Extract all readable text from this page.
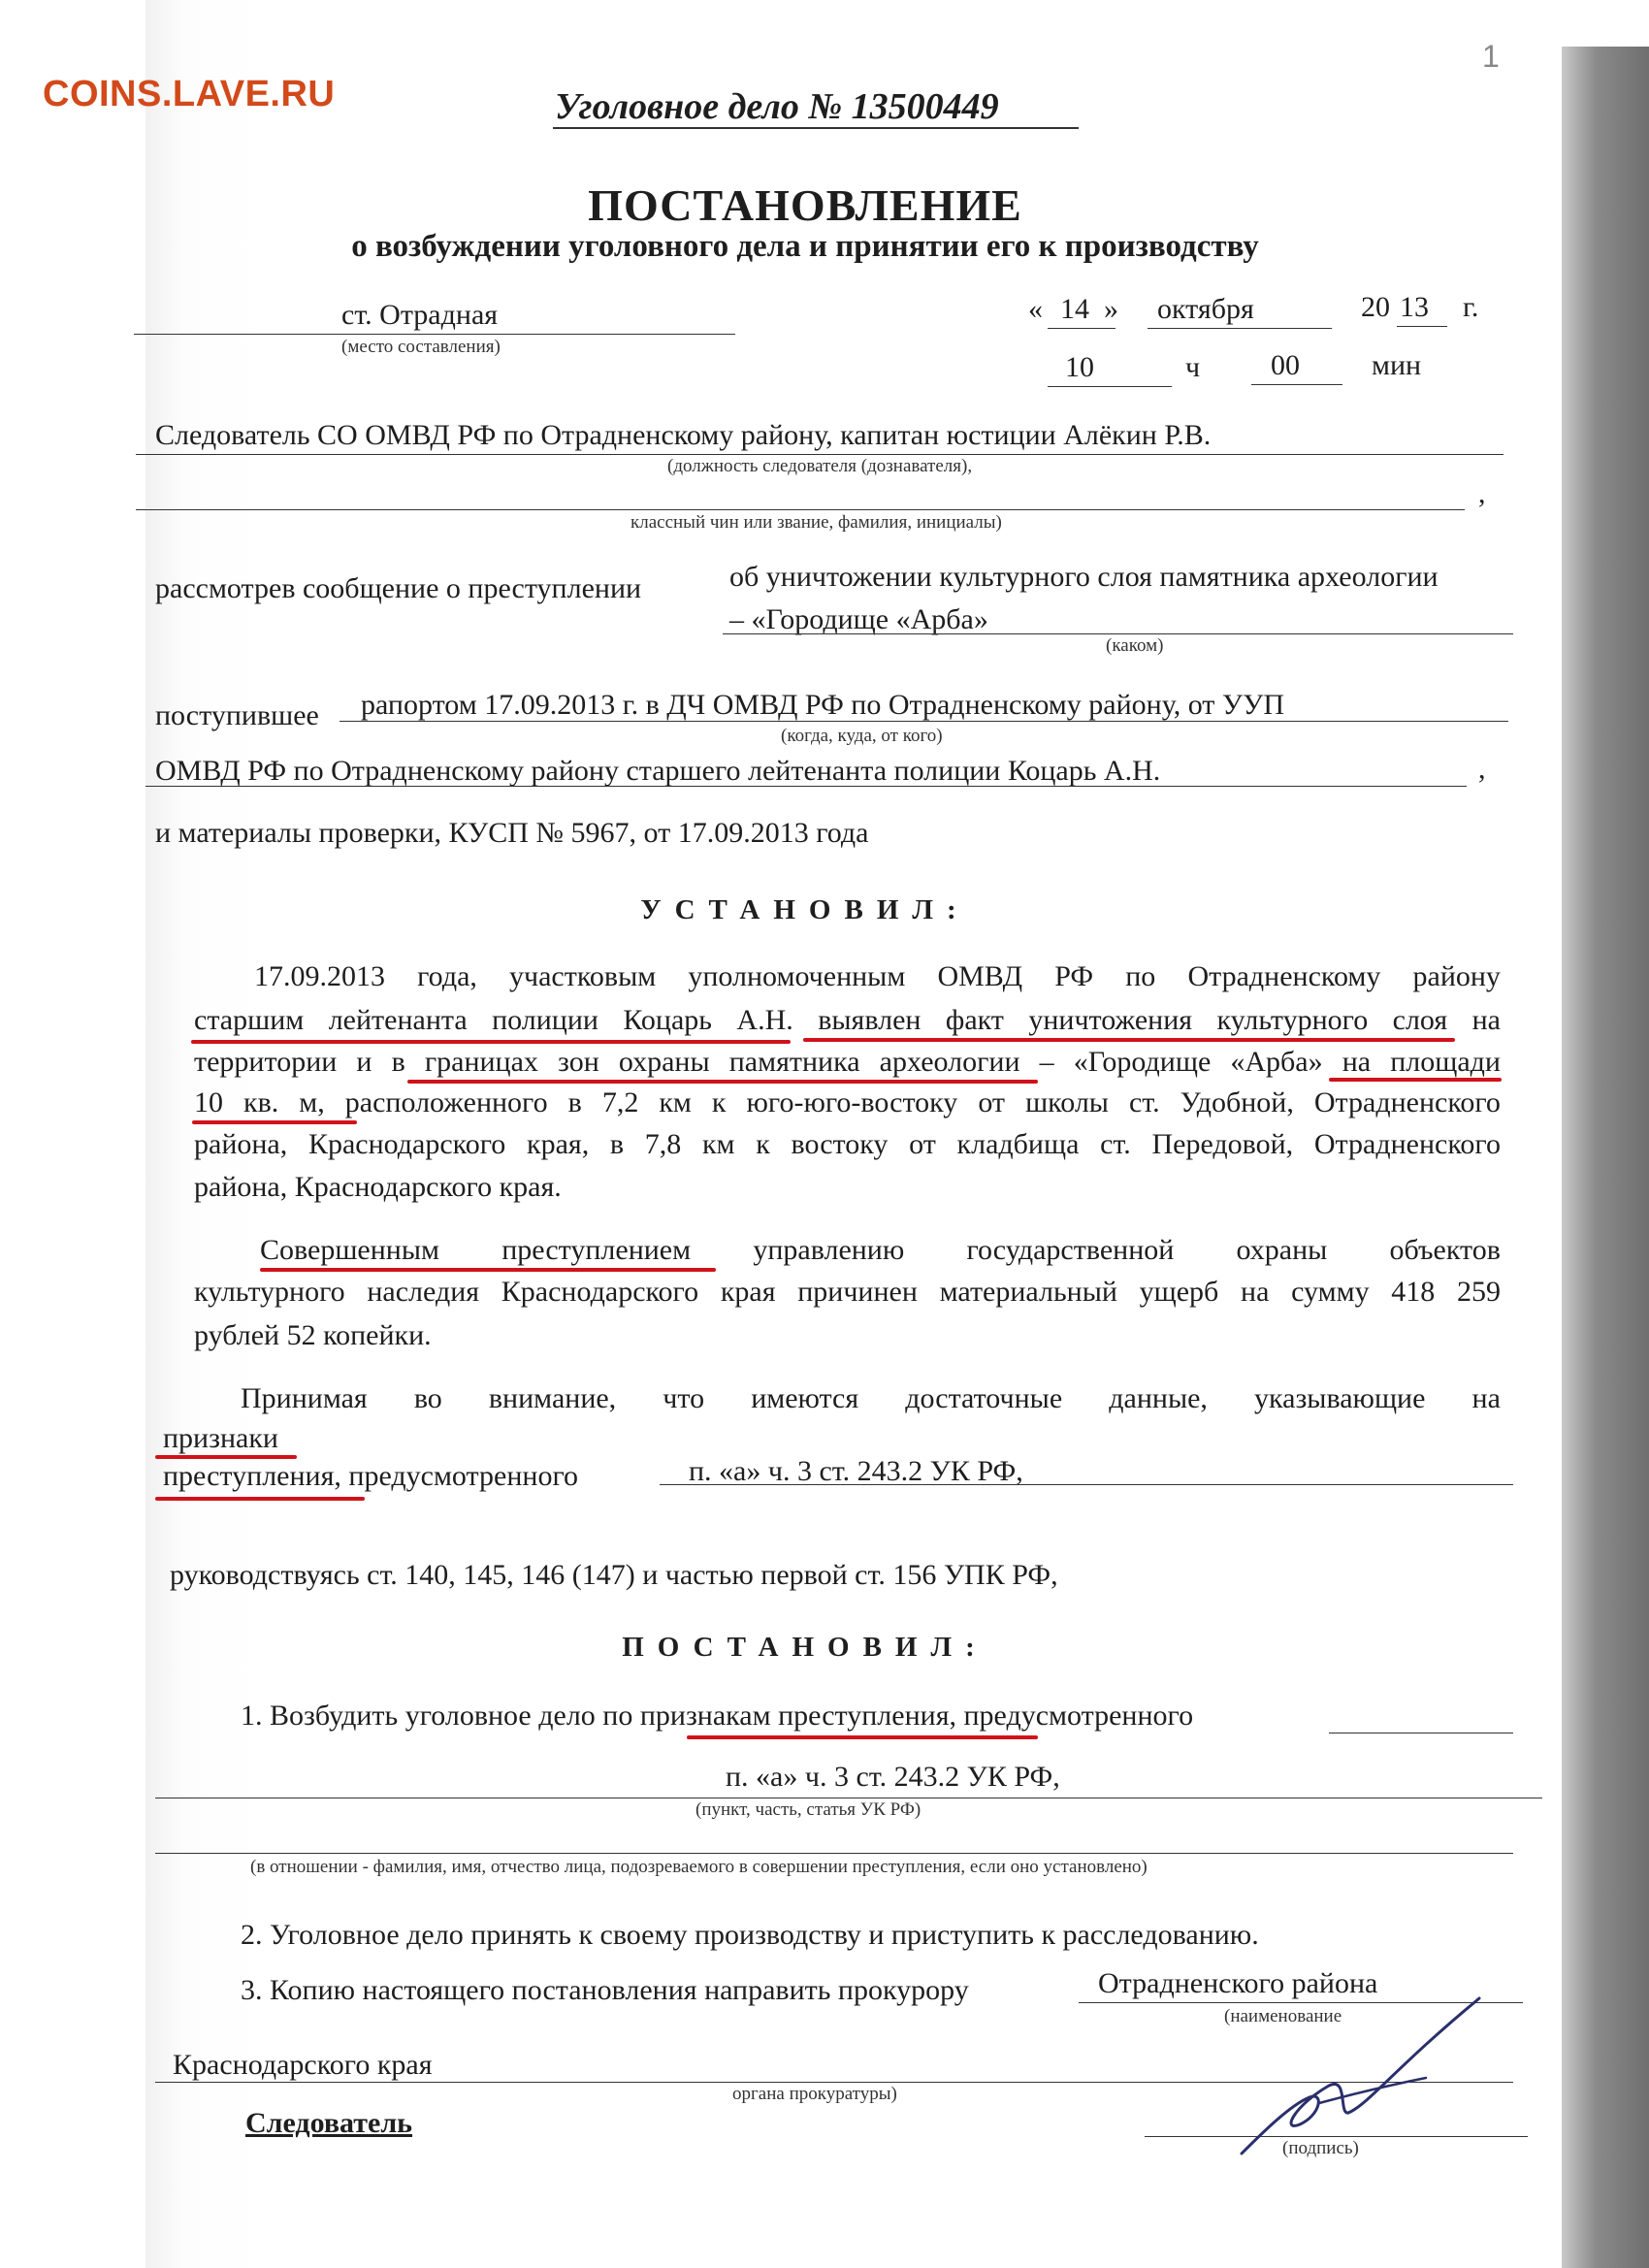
COINS.LAVE.RU
1
Уголовное дело № 13500449
ПОСТАНОВЛЕНИЕ
о возбуждении уголовного дела и принятии его к производству
ст. Отрадная
(место составления)
« 14 » октября	20 13 г.
10	ч 00 мин
Следователь СО ОМВД РФ по Отрадненскому району, капитан юстиции Алёкин Р.В.
(должность следователя (дознавателя),
,
классный чин или звание, фамилия, инициалы)
рассмотрев сообщение о преступлении	об уничтожении культурного слоя памятника археологии
– «Городище «Арба»
(каком)
поступившее рапортом 17.09.2013 г. в ДЧ ОМВД РФ по Отрадненскому району, от УУП
(когда, куда, от кого)
ОМВД РФ по Отрадненскому району старшего лейтенанта полиции Коцарь А.Н.	,
и материалы проверки, КУСП № 5967, от 17.09.2013 года
УСТАНОВИЛ:
17.09.2013 года, участковым уполномоченным ОМВД РФ по Отрадненскому району
старшим лейтенанта полиции Коцарь А.Н. выявлен факт уничтожения культурного слоя на
территории и в границах зон охраны памятника археологии – «Городище «Арба» на площади
10 кв. м, расположенного в 7,2 км к юго-юго-востоку от школы ст. Удобной, Отрадненского
района, Краснодарского края, в 7,8 км к востоку от кладбища ст. Передовой, Отрадненского
района, Краснодарского края.
Совершенным преступлением управлению государственной охраны объектов
культурного наследия Краснодарского края причинен материальный ущерб на сумму 418 259
рублей 52 копейки.
Принимая во внимание, что имеются достаточные данные, указывающие на
признаки
преступления, предусмотренного	п. «а» ч. 3 ст. 243.2 УК РФ,
руководствуясь ст. 140, 145, 146 (147) и частью первой ст. 156 УПК РФ,
ПОСТАНОВИЛ:
1. Возбудить уголовное дело по признакам преступления, предусмотренного
п. «а» ч. 3 ст. 243.2 УК РФ,
(пункт, часть, статья УК РФ)
(в отношении - фамилия, имя, отчество лица, подозреваемого в совершении преступления, если оно установлено)
2. Уголовное дело принять к своему производству и приступить к расследованию.
3. Копию настоящего постановления направить прокурору	Отрадненского района
(наименование
Краснодарского края
органа прокуратуры)
Следователь
(подпись)
